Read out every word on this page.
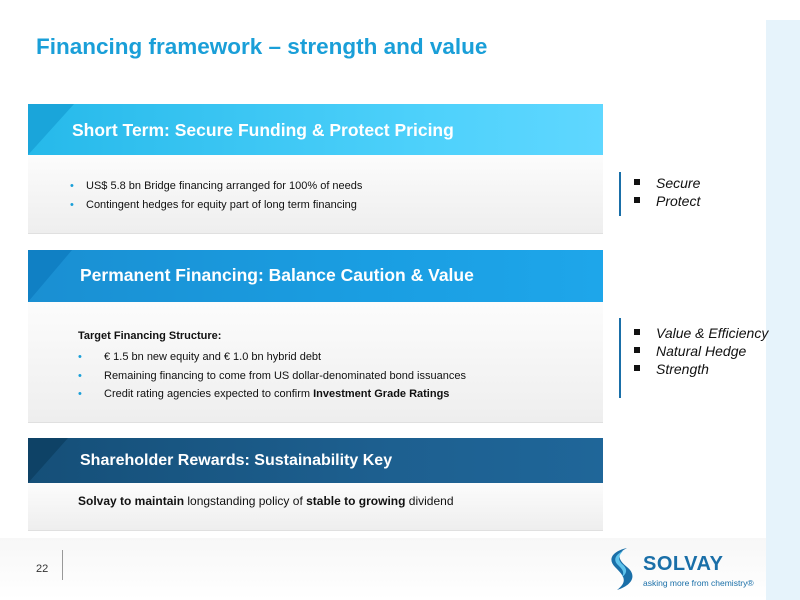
Financing framework – strength and value
Short Term: Secure Funding & Protect Pricing
• US$ 5.8 bn Bridge financing arranged for 100% of needs
• Contingent hedges for equity part of long term financing
Secure
Protect
Permanent Financing: Balance Caution & Value
Target Financing Structure:
• € 1.5 bn new equity and € 1.0 bn hybrid debt
• Remaining financing to come from US dollar-denominated bond issuances
• Credit rating agencies expected to confirm Investment Grade Ratings
Value & Efficiency
Natural Hedge
Strength
Shareholder Rewards: Sustainability Key
Solvay to maintain longstanding policy of stable to growing dividend
22	SOLVAY
asking more from chemistry®
